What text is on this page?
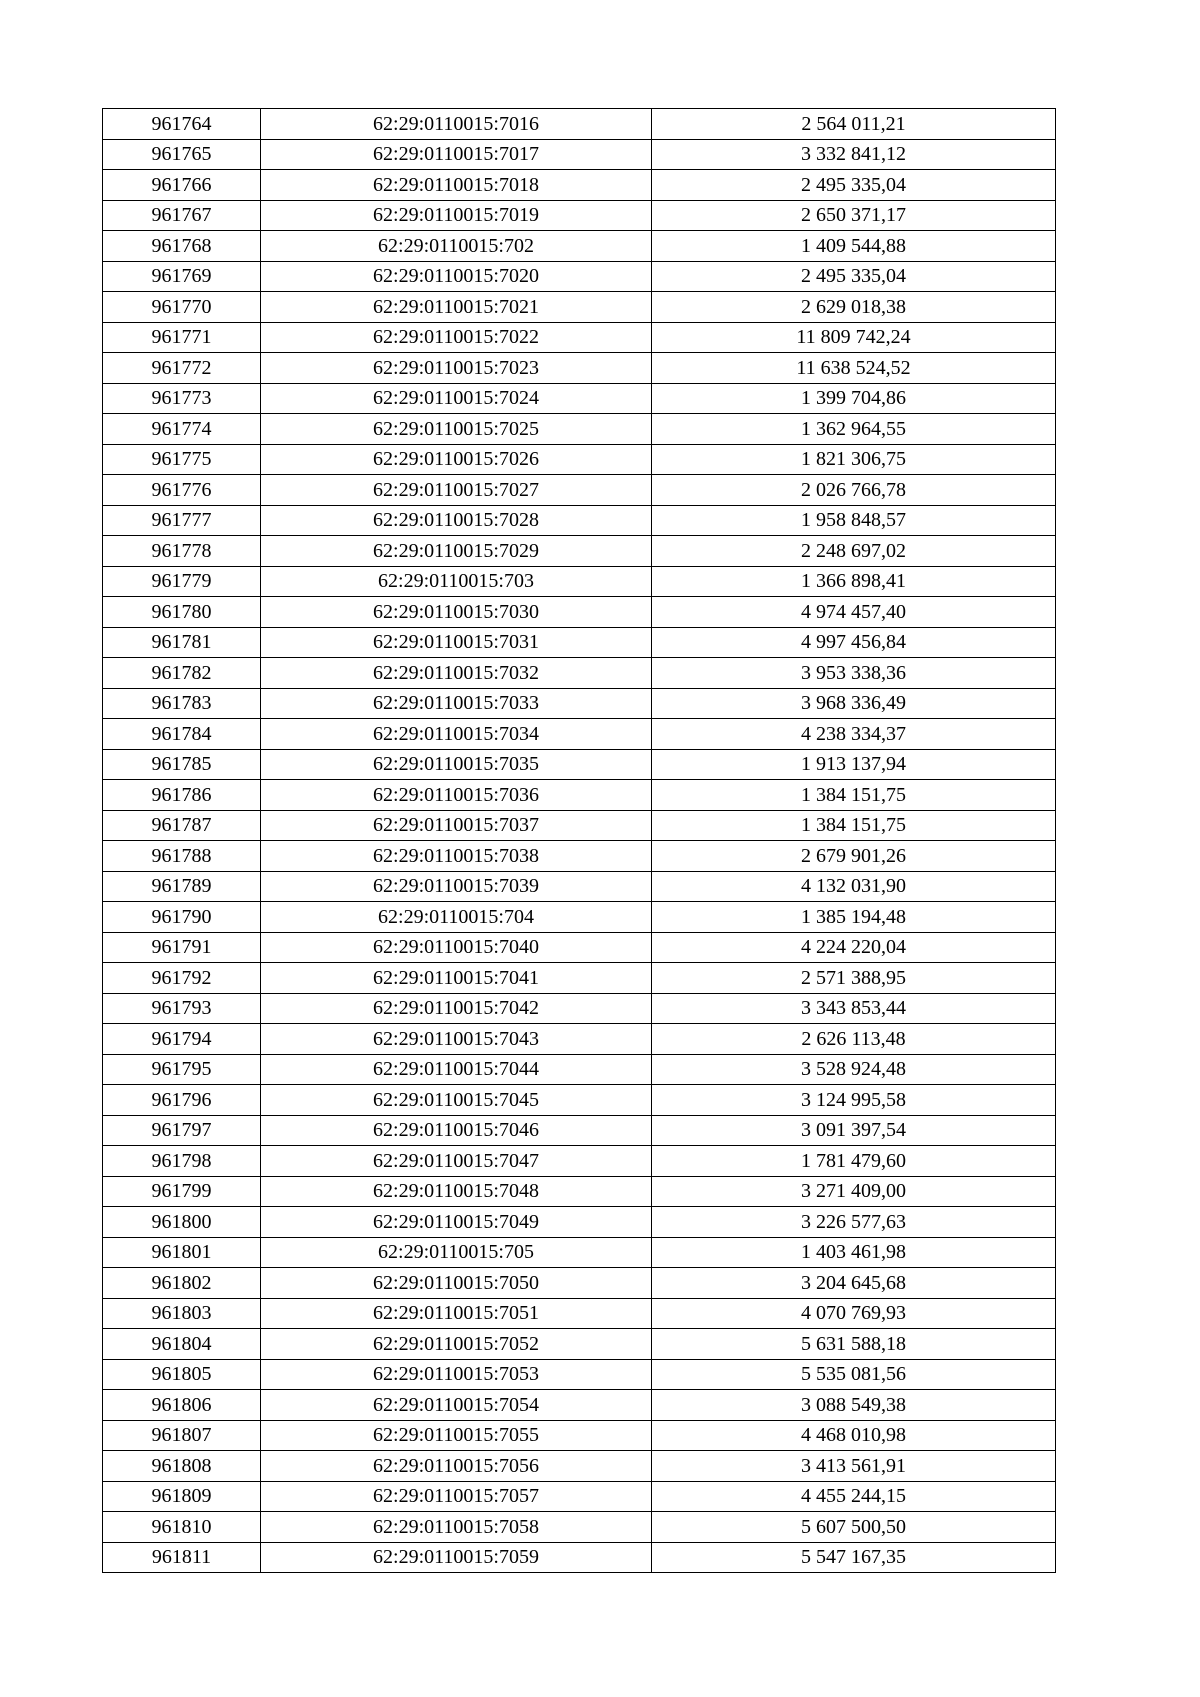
961764	62:29:0110015:7016	2 564 011,21
961765	62:29:0110015:7017	3 332 841,12
961766	62:29:0110015:7018	2 495 335,04
961767	62:29:0110015:7019	2 650 371,17
961768	62:29:0110015:702	1 409 544,88
961769	62:29:0110015:7020	2 495 335,04
961770	62:29:0110015:7021	2 629 018,38
961771	62:29:0110015:7022	11 809 742,24
961772	62:29:0110015:7023	11 638 524,52
961773	62:29:0110015:7024	1 399 704,86
961774	62:29:0110015:7025	1 362 964,55
961775	62:29:0110015:7026	1 821 306,75
961776	62:29:0110015:7027	2 026 766,78
961777	62:29:0110015:7028	1 958 848,57
961778	62:29:0110015:7029	2 248 697,02
961779	62:29:0110015:703	1 366 898,41
961780	62:29:0110015:7030	4 974 457,40
961781	62:29:0110015:7031	4 997 456,84
961782	62:29:0110015:7032	3 953 338,36
961783	62:29:0110015:7033	3 968 336,49
961784	62:29:0110015:7034	4 238 334,37
961785	62:29:0110015:7035	1 913 137,94
961786	62:29:0110015:7036	1 384 151,75
961787	62:29:0110015:7037	1 384 151,75
961788	62:29:0110015:7038	2 679 901,26
961789	62:29:0110015:7039	4 132 031,90
961790	62:29:0110015:704	1 385 194,48
961791	62:29:0110015:7040	4 224 220,04
961792	62:29:0110015:7041	2 571 388,95
961793	62:29:0110015:7042	3 343 853,44
961794	62:29:0110015:7043	2 626 113,48
961795	62:29:0110015:7044	3 528 924,48
961796	62:29:0110015:7045	3 124 995,58
961797	62:29:0110015:7046	3 091 397,54
961798	62:29:0110015:7047	1 781 479,60
961799	62:29:0110015:7048	3 271 409,00
961800	62:29:0110015:7049	3 226 577,63
961801	62:29:0110015:705	1 403 461,98
961802	62:29:0110015:7050	3 204 645,68
961803	62:29:0110015:7051	4 070 769,93
961804	62:29:0110015:7052	5 631 588,18
961805	62:29:0110015:7053	5 535 081,56
961806	62:29:0110015:7054	3 088 549,38
961807	62:29:0110015:7055	4 468 010,98
961808	62:29:0110015:7056	3 413 561,91
961809	62:29:0110015:7057	4 455 244,15
961810	62:29:0110015:7058	5 607 500,50
961811	62:29:0110015:7059	5 547 167,35
